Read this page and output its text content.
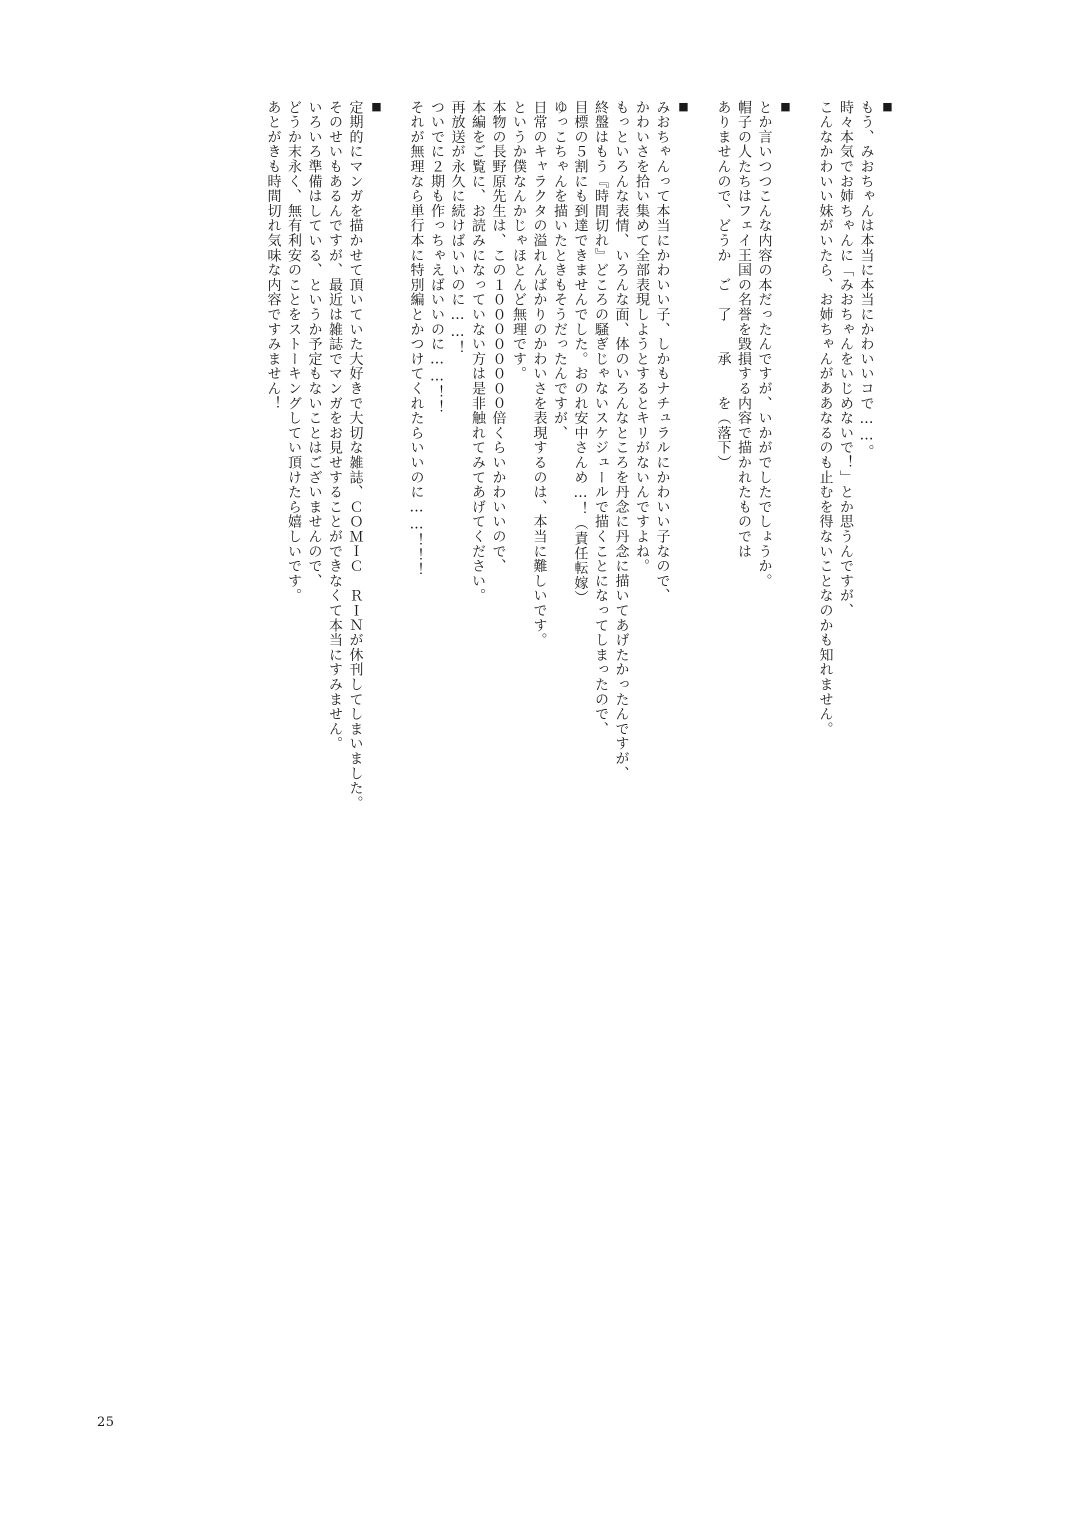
■
もう、みおちゃんは本当に本当にかわいいコで……。
時々本気でお姉ちゃんに「みおちゃんをいじめないで！」とか思うんですが、
こんなかわいい妹がいたら、お姉ちゃんがああなるのも止むを得ないことなのかも知れません。
■
とか言いつつこんな内容の本だったんですが、いかがでしたでしょうか。
帽子の人たちはフェイ王国の名誉を毀損する内容で描かれたものでは
ありませんので、どうか　ご　了　　承　　を（落下）
■
みおちゃんって本当にかわいい子、しかもナチュラルにかわいい子なので、
かわいさを拾い集めて全部表現しようとするとキリがないんですよね。
もっといろんな表情、いろんな面、体のいろんなところを丹念に丹念に描いてあげたかったんですが、
終盤はもう『時間切れ』どころの騒ぎじゃないスケジュールで描くことになってしまったので、
目標の５割にも到達できませんでした。おのれ安中さんめ…！（責任転嫁）
ゆっこちゃんを描いたときもそうだったんですが、
日常のキャラクタの溢れんばかりのかわいさを表現するのは、本当に難しいです。
というか僕なんかじゃほとんど無理です。
本物の長野原先生は、この１００００００００倍くらいかわいいので、
本編をご覧に、お読みになっていない方は是非触れてみてあげてください。
再放送が永久に続けばいいのに……！
ついでに２期も作っちゃえばいいのに……！！
それが無理なら単行本に特別編とかつけてくれたらいいのに……！！！
■
定期的にマンガを描かせて頂いていた大好きで大切な雑誌、ＣＯＭＩＣ　ＲＩＮが休刊してしまいました。
そのせいもあるんですが、最近は雑誌でマンガをお見せすることができなくて本当にすみません。
いろいろ準備はしている、というか予定もないことはございませんので、
どうか末永く、無有利安のことをストーキングしてい頂けたら嬉しいです。
あとがきも時間切れ気味な内容ですみません！
25
